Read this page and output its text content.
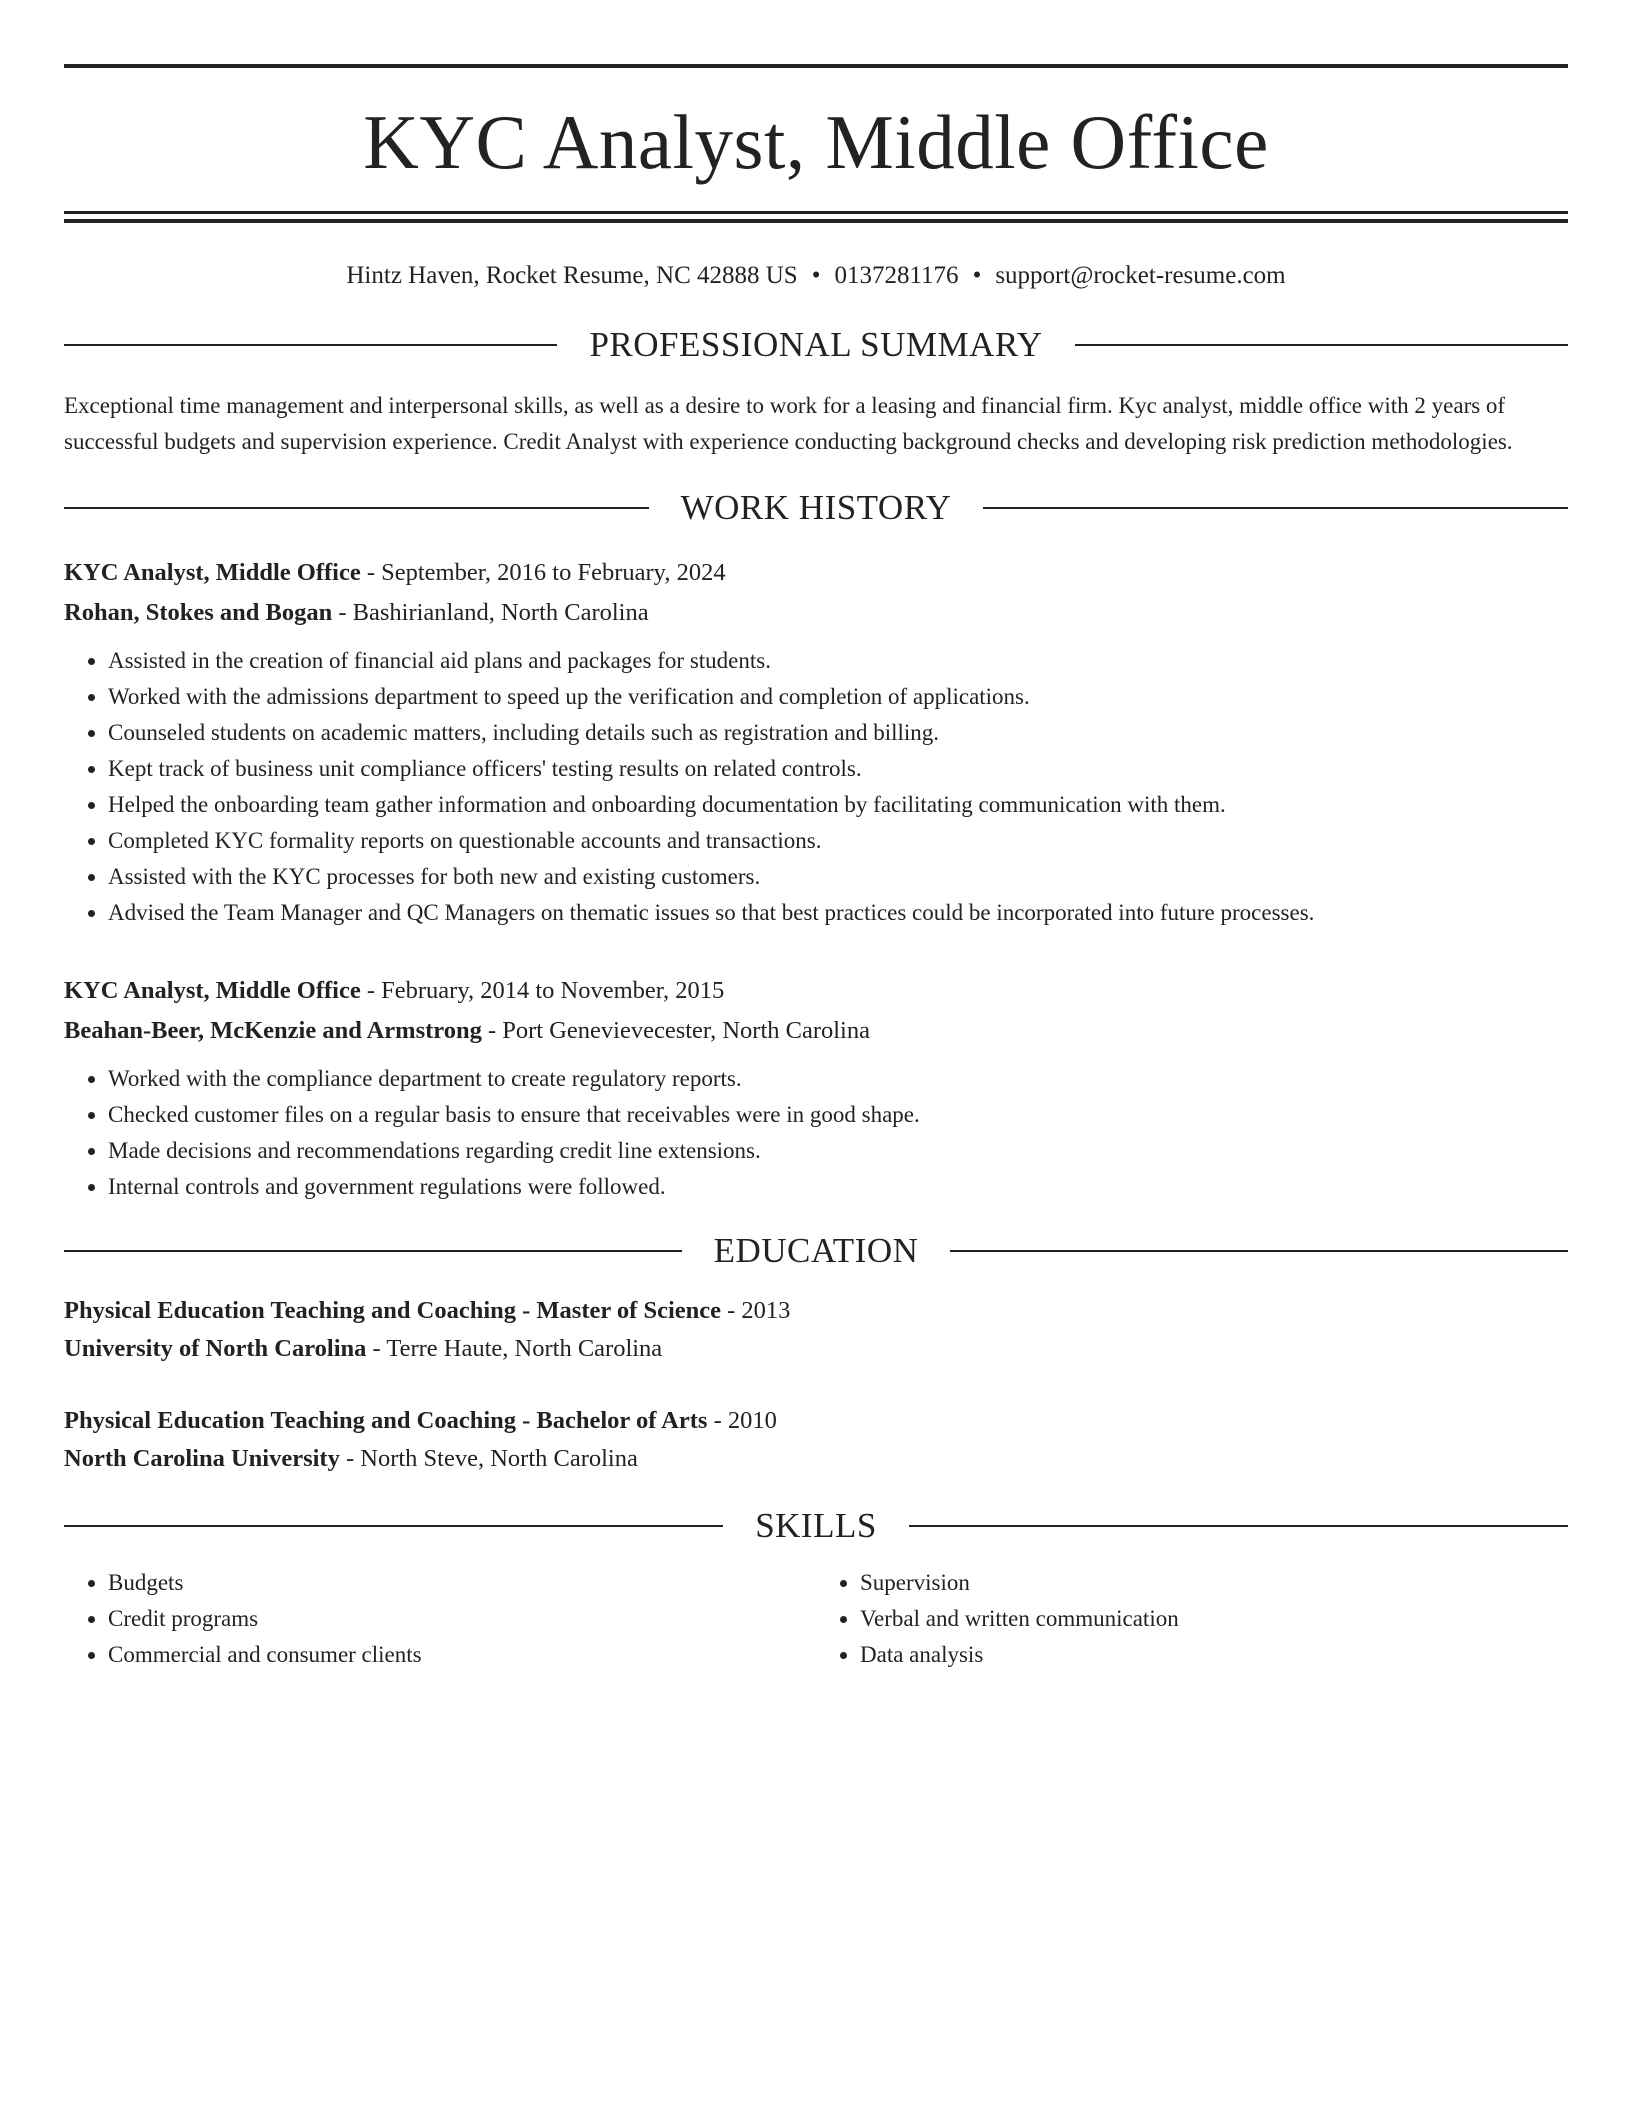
KYC Analyst, Middle Office
Hintz Haven, Rocket Resume, NC 42888 US • 0137281176 • support@rocket-resume.com
PROFESSIONAL SUMMARY
Exceptional time management and interpersonal skills, as well as a desire to work for a leasing and financial firm. Kyc analyst, middle office with 2 years of successful budgets and supervision experience. Credit Analyst with experience conducting background checks and developing risk prediction methodologies.
WORK HISTORY
KYC Analyst, Middle Office - September, 2016 to February, 2024
Rohan, Stokes and Bogan - Bashirianland, North Carolina
• Assisted in the creation of financial aid plans and packages for students.
• Worked with the admissions department to speed up the verification and completion of applications.
• Counseled students on academic matters, including details such as registration and billing.
• Kept track of business unit compliance officers' testing results on related controls.
• Helped the onboarding team gather information and onboarding documentation by facilitating communication with them.
• Completed KYC formality reports on questionable accounts and transactions.
• Assisted with the KYC processes for both new and existing customers.
• Advised the Team Manager and QC Managers on thematic issues so that best practices could be incorporated into future processes.
KYC Analyst, Middle Office - February, 2014 to November, 2015
Beahan-Beer, McKenzie and Armstrong - Port Genevievecester, North Carolina
• Worked with the compliance department to create regulatory reports.
• Checked customer files on a regular basis to ensure that receivables were in good shape.
• Made decisions and recommendations regarding credit line extensions.
• Internal controls and government regulations were followed.
EDUCATION
Physical Education Teaching and Coaching - Master of Science - 2013
University of North Carolina - Terre Haute, North Carolina
Physical Education Teaching and Coaching - Bachelor of Arts - 2010
North Carolina University - North Steve, North Carolina
SKILLS
• Budgets
• Credit programs
• Commercial and consumer clients
• Supervision
• Verbal and written communication
• Data analysis
